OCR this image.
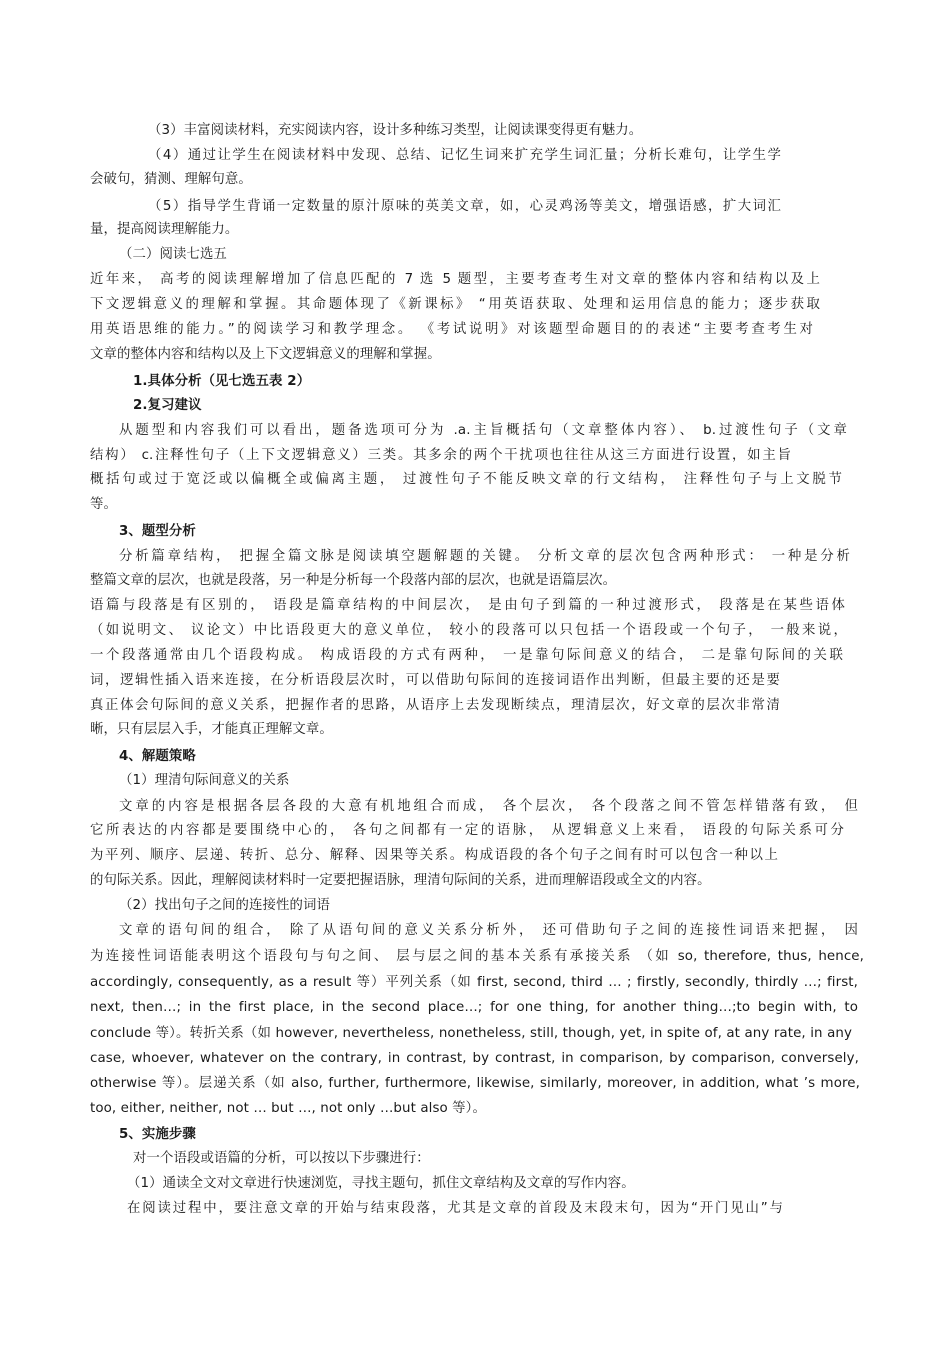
（3）丰富阅读材料，充实阅读内容，设计多种练习类型，让阅读课变得更有魅力。
（4）通过让学生在阅读材料中发现、总结、记忆生词来扩充学生词汇量；分析长难句，让学生学
会破句，猜测、理解句意。
（5）指导学生背诵一定数量的原汁原味的英美文章，如，心灵鸡汤等美文，增强语感，扩大词汇
量，提高阅读理解能力。
（二）阅读七选五
近年来， 高考的阅读理解增加了信息匹配的 7 选 5 题型，主要考查考生对文章的整体内容和结构以及上
下文逻辑意义的理解和掌握。其命题体现了《新课标》 “用英语获取、处理和运用信息的能力；逐步获取
用英语思维的能力。”的阅读学习和教学理念。 《考试说明》对该题型命题目的的表述“主要考查考生对
文章的整体内容和结构以及上下文逻辑意义的理解和掌握。
1.具体分析（见七选五表 2）
2.复习建议
从题型和内容我们可以看出，题备选项可分为 .a.主旨概括句（文章整体内容）、 b.过渡性句子（文章
结构） c.注释性句子（上下文逻辑意义）三类。其多余的两个干扰项也往往从这三方面进行设置，如主旨
概括句或过于宽泛或以偏概全或偏离主题， 过渡性句子不能反映文章的行文结构， 注释性句子与上文脱节
等。
3、题型分析
分析篇章结构， 把握全篇文脉是阅读填空题解题的关键。 分析文章的层次包含两种形式： 一种是分析
整篇文章的层次，也就是段落，另一种是分析每一个段落内部的层次，也就是语篇层次。
语篇与段落是有区别的， 语段是篇章结构的中间层次， 是由句子到篇的一种过渡形式， 段落是在某些语体
（如说明文、 议论文）中比语段更大的意义单位， 较小的段落可以只包括一个语段或一个句子， 一般来说，
一个段落通常由几个语段构成。 构成语段的方式有两种， 一是靠句际间意义的结合， 二是靠句际间的关联
词，逻辑性插入语来连接，在分析语段层次时，可以借助句际间的连接词语作出判断，但最主要的还是要
真正体会句际间的意义关系，把握作者的思路，从语序上去发现断续点，理清层次，好文章的层次非常清
晰，只有层层入手，才能真正理解文章。
4、解题策略
（1）理清句际间意义的关系
文章的内容是根据各层各段的大意有机地组合而成， 各个层次， 各个段落之间不管怎样错落有致， 但
它所表达的内容都是要围绕中心的， 各句之间都有一定的语脉， 从逻辑意义上来看， 语段的句际关系可分
为平列、顺序、层递、转折、总分、解释、因果等关系。构成语段的各个句子之间有时可以包含一种以上
的句际关系。因此，理解阅读材料时一定要把握语脉，理清句际间的关系，进而理解语段或全文的内容。
（2）找出句子之间的连接性的词语
文章的语句间的组合， 除了从语句间的意义关系分析外， 还可借助句子之间的连接性词语来把握， 因
为连接性词语能表明这个语段句与句之间、 层与层之间的基本关系有承接关系 （如 so, therefore, thus, hence,
accordingly, consequently, as a result 等）平列关系（如 first, second, third … ; firstly, secondly, thirdly …; first,
next, then…; in the first place, in the second place…; for one thing, for another thing…;to begin with, to
conclude 等）。转折关系（如 however, nevertheless, nonetheless, still, though, yet, in spite of, at any rate, in any
case, whoever, whatever on the contrary, in contrast, by contrast, in comparison, by comparison, conversely,
otherwise 等）。层递关系（如 also, further, furthermore, likewise, similarly, moreover, in addition, what ’s more,
too, either, neither, not … but …, not only …but also 等）。
5、实施步骤
对一个语段或语篇的分析，可以按以下步骤进行：
（1）通读全文对文章进行快速浏览，寻找主题句，抓住文章结构及文章的写作内容。
在阅读过程中，要注意文章的开始与结束段落，尤其是文章的首段及末段末句，因为“开门见山”与
